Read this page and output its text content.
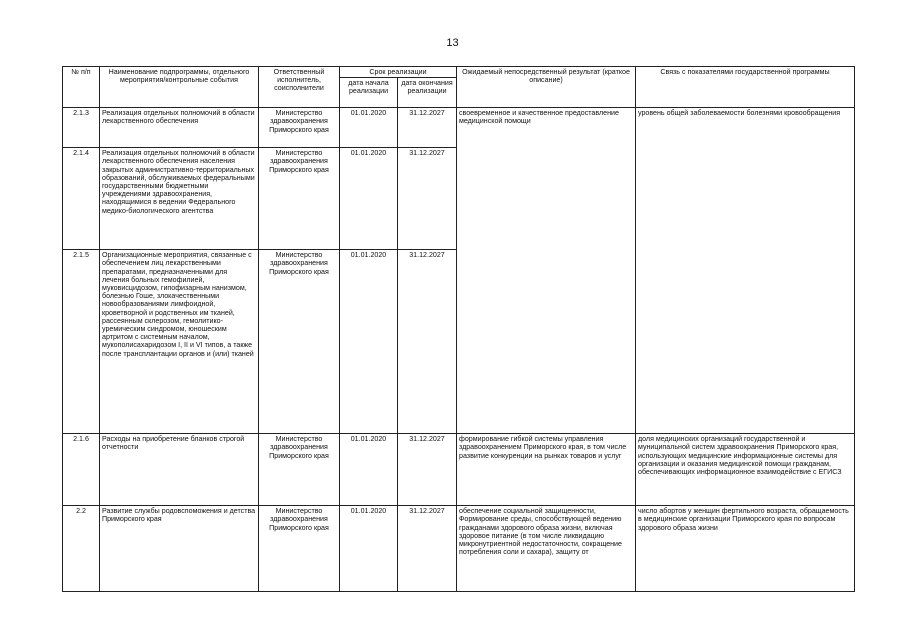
13
№ п/п	Наименование подпрограммы, отдельного мероприятия/контрольные события	Ответственный исполнитель, соисполнители	Срок реализации		Ожидаемый непосредственный результат (краткое описание)	Связь с показателями государственной программы
			дата начала реализации	дата окончания реализации		
2.1.3	Реализация отдельных полномочий в области лекарственного обеспечения	Министерство здравоохранения Приморского края	01.01.2020	31.12.2027	своевременное и качественное предоставление медицинской помощи	уровень общей заболеваемости болезнями кровообращения
2.1.4	Реализация отдельных полномочий в области лекарственного обеспечения населения закрытых административно-территориальных образований, обслуживаемых федеральными государственными бюджетными учреждениями здравоохранения, находящимися в ведении Федерального медико-биологического агентства	Министерство здравоохранения Приморского края	01.01.2020	31.12.2027		
2.1.5	Организационные мероприятия, связанные с обеспечением лиц лекарственными препаратами, предназначенными для лечения больных гемофилией, муковисцидозом, гипофизарным нанизмом, болезнью Гоше, злокачественными новообразованиями лимфоидной, кроветворной и родственных им тканей, рассеянным склерозом, гемолитико-уремическим синдромом, юношеским артритом с системным началом, мукополисахаридозом I, II и VI типов, а также после трансплантации органов и (или) тканей	Министерство здравоохранения Приморского края	01.01.2020	31.12.2027		
2.1.6	Расходы на приобретение бланков строгой отчетности	Министерство здравоохранения Приморского края	01.01.2020	31.12.2027	формирование гибкой системы управления здравоохранением Приморского края, в том числе развитие конкуренции на рынках товаров и услуг	доля медицинских организаций государственной и муниципальной систем здравоохранения Приморского края, использующих медицинские информационные системы для организации и оказания медицинской помощи гражданам, обеспечивающих информационное взаимодействие с ЕГИСЗ
2.2	Развитие службы родовспоможения и детства Приморского края	Министерство здравоохранения Приморского края	01.01.2020	31.12.2027	обеспечение социальной защищенности, Формирование среды, способствующей ведению гражданами здорового образа жизни, включая здоровое питание (в том числе ликвидацию микронутриентной недостаточности, сокращение потребления соли и сахара), защиту от	число абортов у женщин фертильного возраста, обращаемость в медицинские организации Приморского края по вопросам здорового образа жизни
